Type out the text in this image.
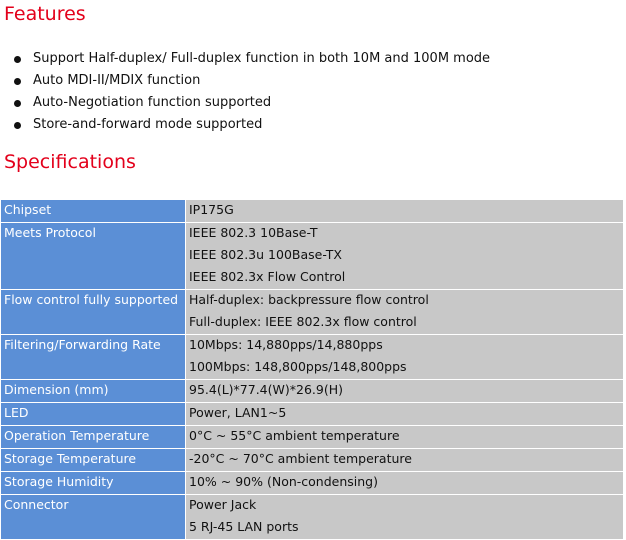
Features
Support Half-duplex/ Full-duplex function in both 10M and 100M mode
Auto MDI-II/MDIX function
Auto-Negotiation function supported
Store-and-forward mode supported
Specifications
Chipset	IP175G

Meets Protocol	IEEE 802.3 10Base-T
IEEE 802.3u 100Base-TX
IEEE 802.3x Flow Control

Flow control fully supported	Half-duplex: backpressure flow control
Full-duplex: IEEE 802.3x flow control

Filtering/Forwarding Rate	10Mbps: 14,880pps/14,880pps
100Mbps: 148,800pps/148,800pps

Dimension (mm)	95.4(L)*77.4(W)*26.9(H)

LED	Power, LAN1~5

Operation Temperature	0°C ~ 55°C ambient temperature

Storage Temperature	-20°C ~ 70°C ambient temperature

Storage Humidity	10% ~ 90% (Non-condensing)

Connector	Power Jack
5 RJ-45 LAN ports
